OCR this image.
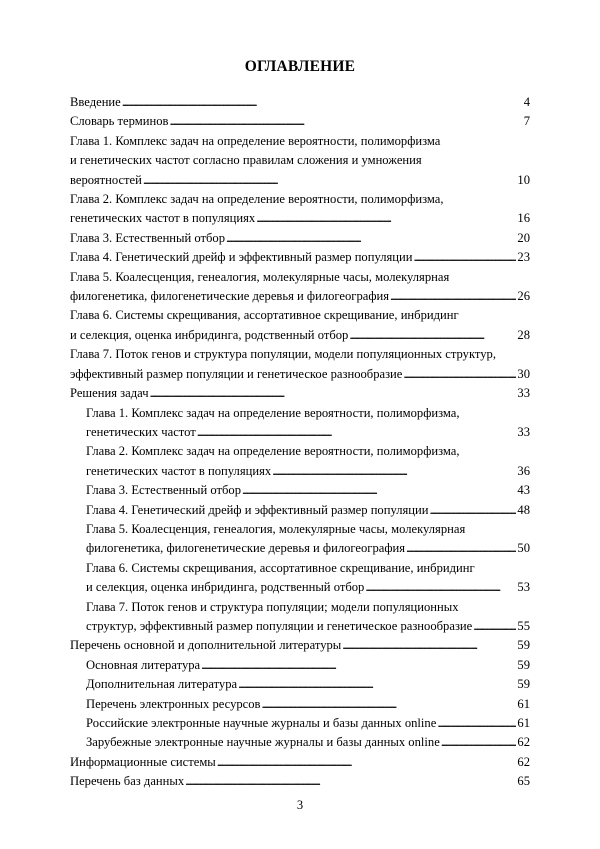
ОГЛАВЛЕНИЕ
Введение . . .	4
Словарь терминов . . .	7
Глава 1. Комплекс задач на определение вероятности, полиморфизма
и генетических частот согласно правилам сложения и умножения
вероятностей . . .	10
Глава 2. Комплекс задач на определение вероятности, полиморфизма,
генетических частот в популяциях . . .	16
Глава 3. Естественный отбор . . .	20
Глава 4. Генетический дрейф и эффективный размер популяции . . .	23
Глава 5. Коалесценция, генеалогия, молекулярные часы, молекулярная
филогенетика, филогенетические деревья и филогеография . . .	26
Глава 6. Системы скрещивания, ассортативное скрещивание, инбридинг
и селекция, оценка инбридинга, родственный отбор . . .	28
Глава 7. Поток генов и структура популяции, модели популяционных структур,
эффективный размер популяции и генетическое разнообразие . . .	30
Решения задач . . .	33
Глава 1. Комплекс задач на определение вероятности, полиморфизма,
генетических частот . . .	33
Глава 2. Комплекс задач на определение вероятности, полиморфизма,
генетических частот в популяциях . . .	36
Глава 3. Естественный отбор . . .	43
Глава 4. Генетический дрейф и эффективный размер популяции . . .	48
Глава 5. Коалесценция, генеалогия, молекулярные часы, молекулярная
филогенетика, филогенетические деревья и филогеография . . .	50
Глава 6. Системы скрещивания, ассортативное скрещивание, инбридинг
и селекция, оценка инбридинга, родственный отбор . . .	53
Глава 7. Поток генов и структура популяции; модели популяционных
структур, эффективный размер популяции и генетическое разнообразие . . .	55
Перечень основной и дополнительной литературы . . .	59
Основная литература . . .	59
Дополнительная литература . . .	59
Перечень электронных ресурсов . . .	61
Российские электронные научные журналы и базы данных online . . .	61
Зарубежные электронные научные журналы и базы данных online . . .	62
Информационные системы . . .	62
Перечень баз данных . . .	65
3
